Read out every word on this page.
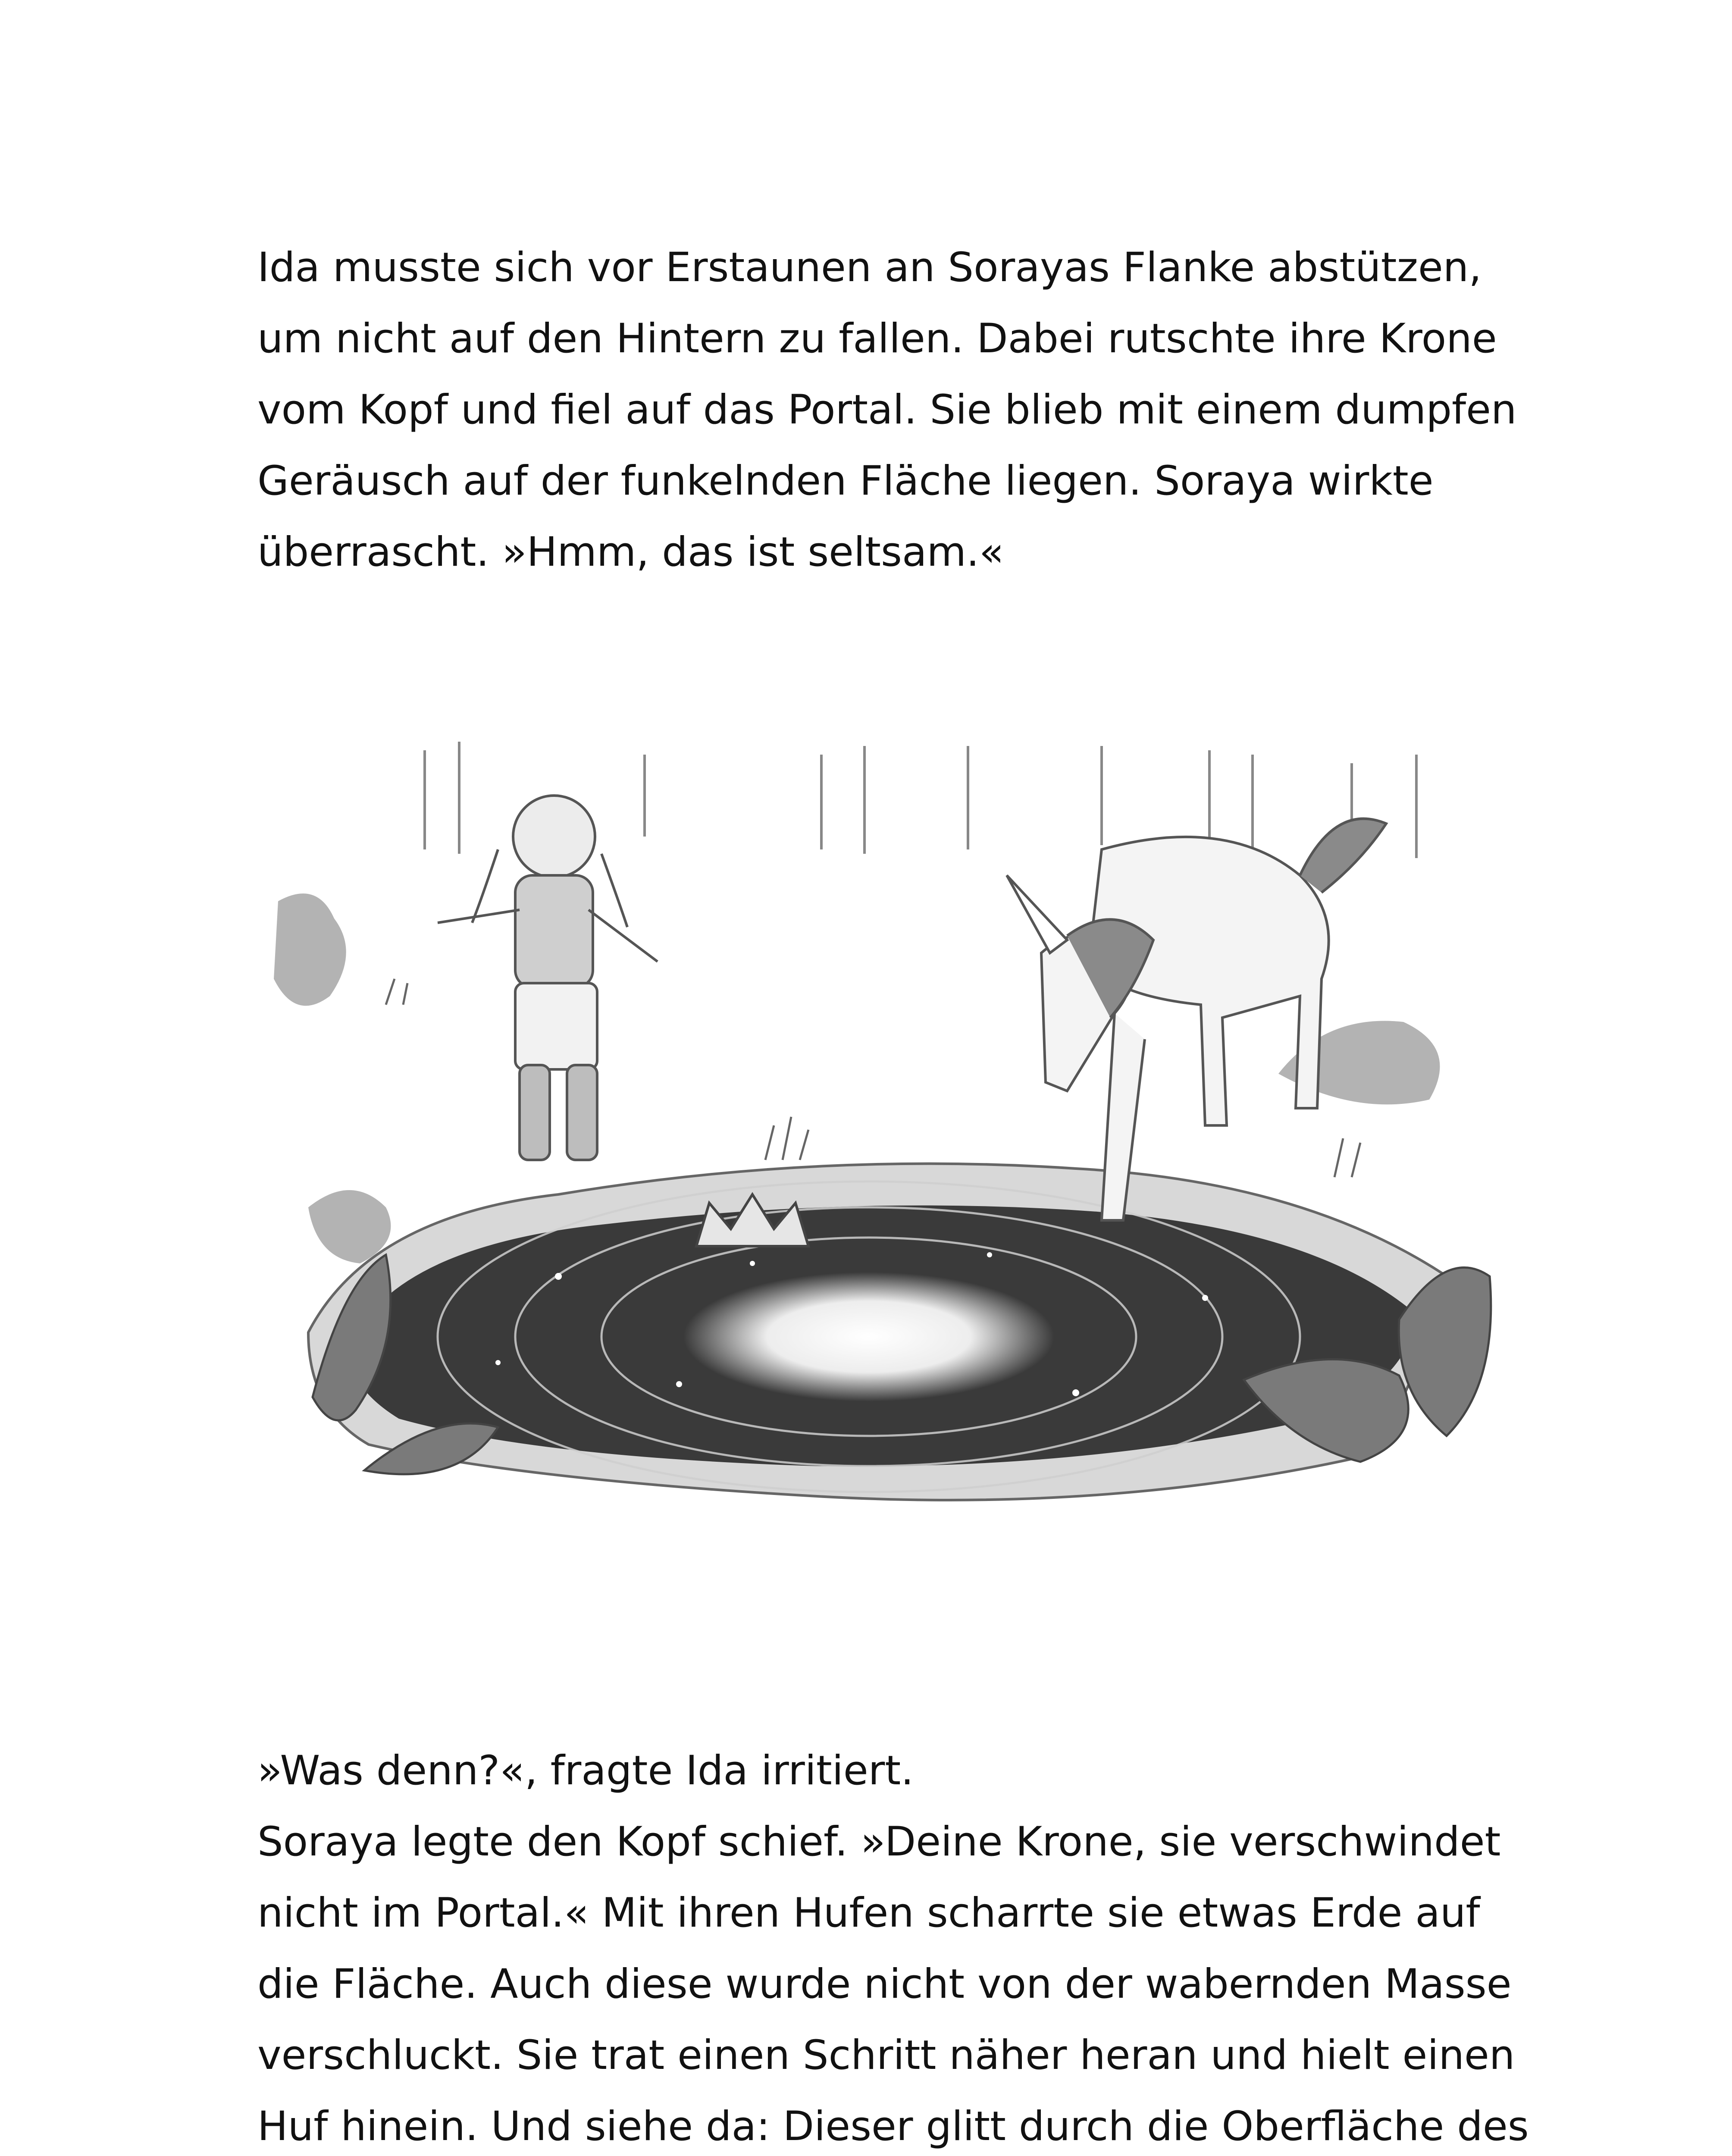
Ida musste sich vor Erstaunen an Sorayas Flanke abstützen,
um nicht auf den Hintern zu fallen. Dabei rutschte ihre Krone
vom Kopf und fiel auf das Portal. Sie blieb mit einem dumpfen
Geräusch auf der funkelnden Fläche liegen. Soraya wirkte
überrascht. »Hmm, das ist seltsam.«
»Was denn?«, fragte Ida irritiert.
Soraya legte den Kopf schief. »Deine Krone, sie verschwindet
nicht im Portal.« Mit ihren Hufen scharrte sie etwas Erde auf
die Fläche. Auch diese wurde nicht von der wabernden Masse
verschluckt. Sie trat einen Schritt näher heran und hielt einen
Huf hinein. Und siehe da: Dieser glitt durch die Oberfläche des
